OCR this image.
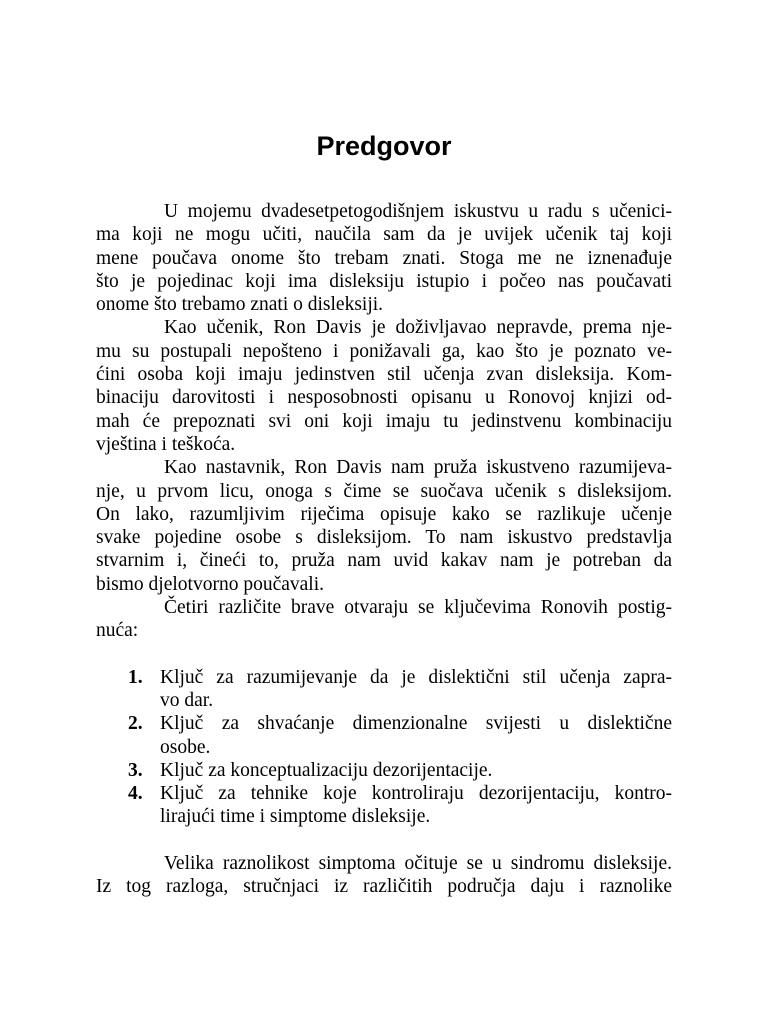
Predgovor
U mojemu dvadesetpetogodišnjem iskustvu u radu s učenici-
ma koji ne mogu učiti, naučila sam da je uvijek učenik taj koji
mene poučava onome što trebam znati. Stoga me ne iznenađuje
što je pojedinac koji ima disleksiju istupio i počeo nas poučavati
onome što trebamo znati o disleksiji.
Kao učenik, Ron Davis je doživljavao nepravde, prema nje-
mu su postupali nepošteno i ponižavali ga, kao što je poznato ve-
ćini osoba koji imaju jedinstven stil učenja zvan disleksija. Kom-
binaciju darovitosti i nesposobnosti opisanu u Ronovoj knjizi od-
mah će prepoznati svi oni koji imaju tu jedinstvenu kombinaciju
vještina i teškoća.
Kao nastavnik, Ron Davis nam pruža iskustveno razumijeva-
nje, u prvom licu, onoga s čime se suočava učenik s disleksijom.
On lako, razumljivim riječima opisuje kako se razlikuje učenje
svake pojedine osobe s disleksijom. To nam iskustvo predstavlja
stvarnim i, čineći to, pruža nam uvid kakav nam je potreban da
bismo djelotvorno poučavali.
Četiri različite brave otvaraju se ključevima Ronovih postig-
nuća:
1. Ključ za razumijevanje da je dislektični stil učenja zapra-
vo dar.
2. Ključ za shvaćanje dimenzionalne svijesti u dislektične
osobe.
3. Ključ za konceptualizaciju dezorijentacije.
4. Ključ za tehnike koje kontroliraju dezorijentaciju, kontro-
lirajući time i simptome disleksije.
Velika raznolikost simptoma očituje se u sindromu disleksije.
Iz tog razloga, stručnjaci iz različitih područja daju i raznolike
